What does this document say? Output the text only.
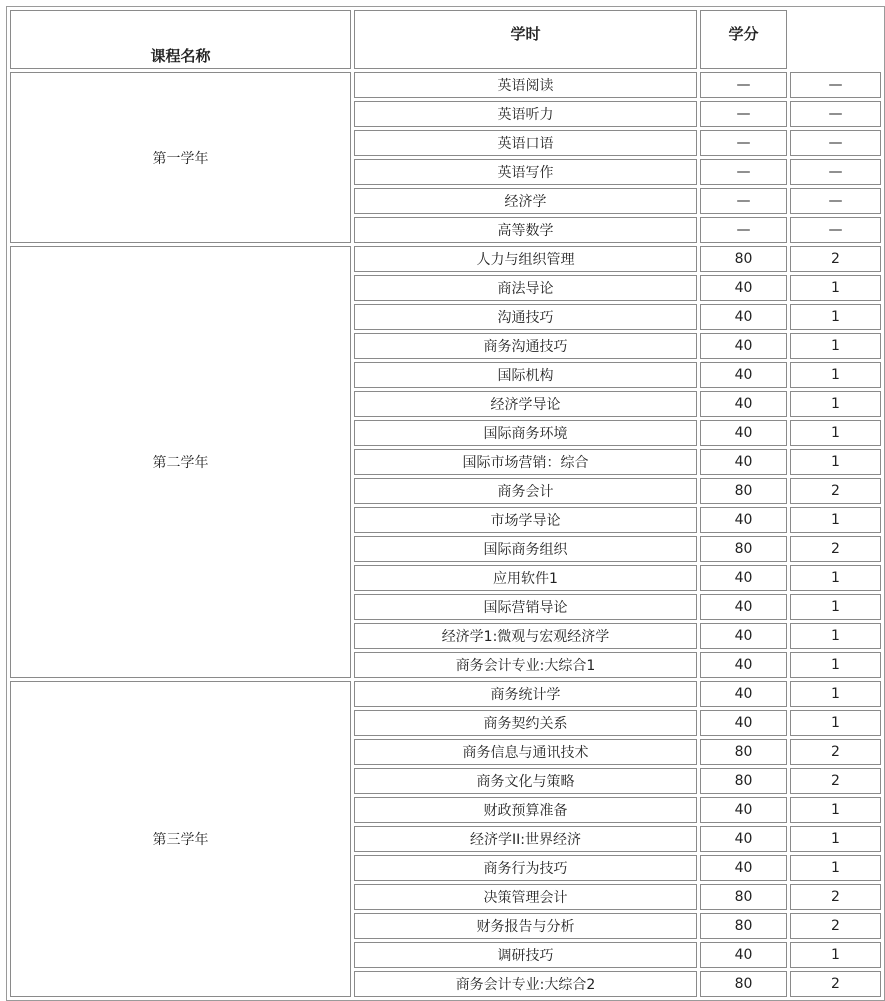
课程名称	学时	学分	
第一学年	英语阅读	—	—
	英语听力	—	—
	英语口语	—	—
	英语写作	—	—
	经济学	—	—
	高等数学	—	—
第二学年	人力与组织管理	80	2
	商法导论	40	1
	沟通技巧	40	1
	商务沟通技巧	40	1
	国际机构	40	1
	经济学导论	40	1
	国际商务环境	40	1
	国际市场营销：综合	40	1
	商务会计	80	2
	市场学导论	40	1
	国际商务组织	80	2
	应用软件1	40	1
	国际营销导论	40	1
	经济学1:微观与宏观经济学	40	1
	商务会计专业:大综合1	40	1
第三学年	商务统计学	40	1
	商务契约关系	40	1
	商务信息与通讯技术	80	2
	商务文化与策略	80	2
	财政预算准备	40	1
	经济学II:世界经济	40	1
	商务行为技巧	40	1
	决策管理会计	80	2
	财务报告与分析	80	2
	调研技巧	40	1
	商务会计专业:大综合2	80	2
